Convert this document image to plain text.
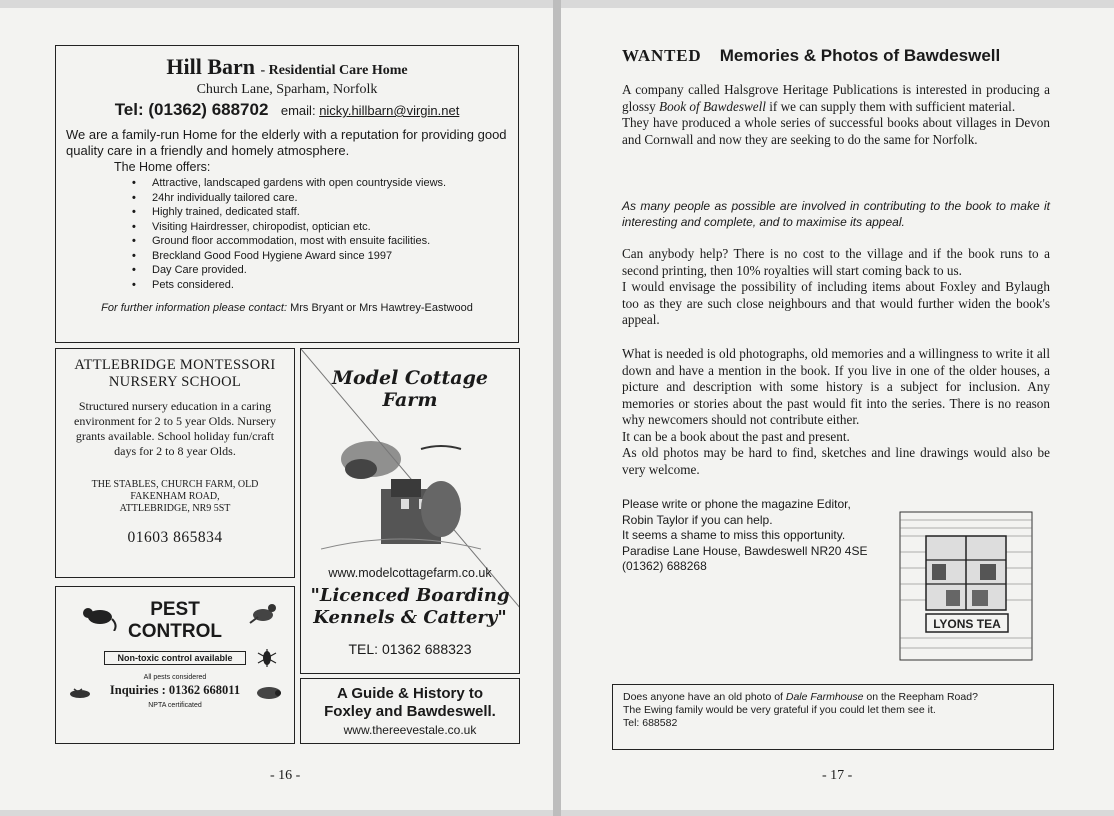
Hill Barn - Residential Care Home
Church Lane, Sparham, Norfolk
Tel: (01362) 688702 email: nicky.hillbarn@virgin.net
We are a family-run Home for the elderly with a reputation for providing good quality care in a friendly and homely atmosphere.
The Home offers:
• Attractive, landscaped gardens with open countryside views.
• 24hr individually tailored care.
• Highly trained, dedicated staff.
• Visiting Hairdresser, chiropodist, optician etc.
• Ground floor accommodation, most with ensuite facilities.
• Breckland Good Food Hygiene Award since 1997
• Day Care provided.
• Pets considered.
For further information please contact: Mrs Bryant or Mrs Hawtrey-Eastwood
ATTLEBRIDGE MONTESSORI
NURSERY SCHOOL
Structured nursery education in a caring environment for 2 to 5 year Olds. Nursery grants available. School holiday fun/craft days for 2 to 8 year Olds.
THE STABLES, CHURCH FARM, OLD
FAKENHAM ROAD,
ATTLEBRIDGE, NR9 5ST
01603 865834
Model Cottage Farm
www.modelcottagefarm.co.uk
"Licenced Boarding
Kennels & Cattery"
TEL: 01362 688323
PEST
CONTROL
Non-toxic control available
All pests considered
Inquiries : 01362 668011
NPTA certificated
A Guide & History to
Foxley and Bawdeswell.
www.thereevestale.co.uk
- 16 -
WANTED Memories & Photos of Bawdeswell

A company called Halsgrove Heritage Publications is interested in producing a glossy Book of Bawdeswell if we can supply them with sufficient material.

They have produced a whole series of successful books about villages in Devon and Cornwall and now they are seeking to do the same for Norfolk.

As many people as possible are involved in contributing to the book to make it interesting and complete, and to maximise its appeal.

Can anybody help? There is no cost to the village and if the book runs to a second printing, then 10% royalties will start coming back to us.

I would envisage the possibility of including items about Foxley and Bylaugh too as they are such close neighbours and that would further widen the book's appeal.

What is needed is old photographs, old memories and a willingness to write it all down and have a mention in the book. If you live in one of the older houses, a picture and description with some history is a subject for inclusion. Any memories or stories about the past would fit into the series. There is no reason why newcomers should not contribute either.

It can be a book about the past and present.

As old photos may be hard to find, sketches and line drawings would also be very welcome.

Please write or phone the magazine Editor,
Robin Taylor if you can help.
It seems a shame to miss this opportunity.
Paradise Lane House, Bawdeswell NR20 4SE
(01362) 688268
LYONS TEA
Does anyone have an old photo of Dale Farmhouse on the Reepham Road?
The Ewing family would be very grateful if you could let them see it.
Tel: 688582
- 17 -
